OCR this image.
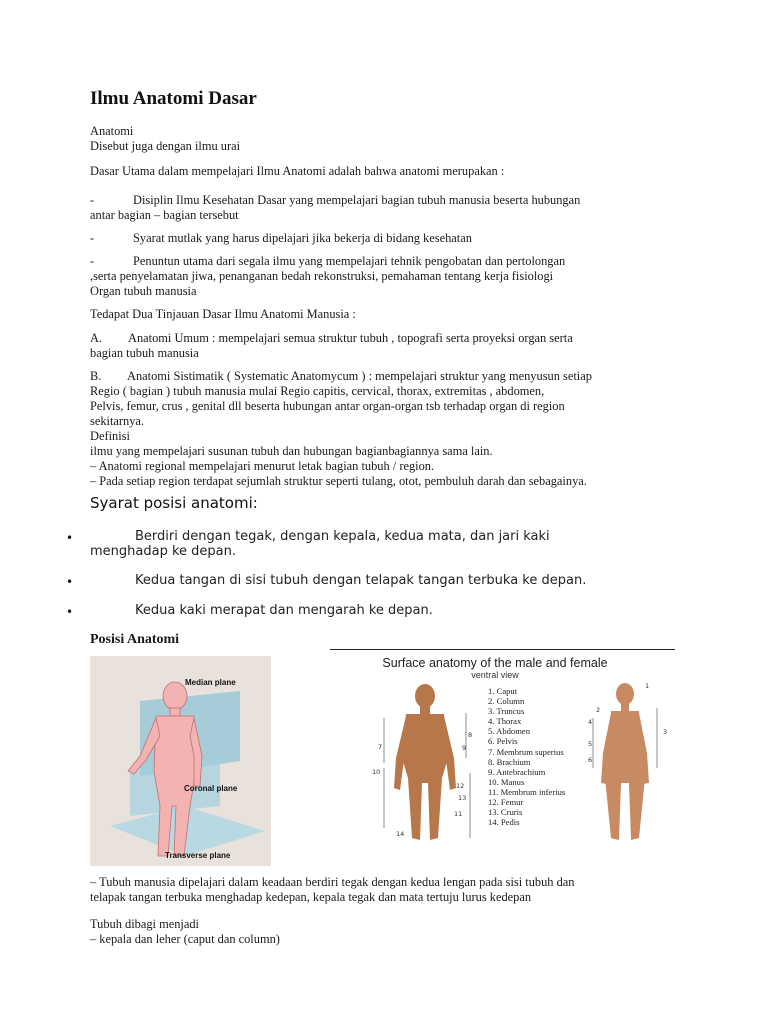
Ilmu Anatomi Dasar
Anatomi
Disebut juga dengan ilmu urai
Dasar Utama dalam mempelajari Ilmu Anatomi adalah bahwa anatomi merupakan :
-	Disiplin Ilmu Kesehatan Dasar yang mempelajari bagian tubuh manusia beserta hubungan
antar bagian – bagian tersebut
-	Syarat mutlak yang harus dipelajari jika bekerja di bidang kesehatan
-	Penuntun utama dari segala ilmu yang mempelajari tehnik pengobatan dan pertolongan
,serta penyelamatan jiwa, penanganan bedah rekonstruksi, pemahaman tentang kerja fisiologi
Organ tubuh manusia
Tedapat Dua Tinjauan Dasar Ilmu Anatomi Manusia :
A. Anatomi Umum : mempelajari semua struktur tubuh , topografi serta proyeksi organ serta
bagian tubuh manusia
B. Anatomi Sistimatik ( Systematic Anatomycum ) : mempelajari struktur yang menyusun setiap
Regio ( bagian ) tubuh manusia mulai Regio capitis, cervical, thorax, extremitas , abdomen,
Pelvis, femur, crus , genital dll beserta hubungan antar organ-organ tsb terhadap organ di region
sekitarnya.
Definisi
ilmu yang mempelajari susunan tubuh dan hubungan bagianbagiannya sama lain.
– Anatomi regional mempelajari menurut letak bagian tubuh / region.
– Pada setiap region terdapat sejumlah struktur seperti tulang, otot, pembuluh darah dan sebagainya.
Syarat posisi anatomi:
•	Berdiri dengan tegak, dengan kepala, kedua mata, dan jari kaki
menghadap ke depan.
•	Kedua tangan di sisi tubuh dengan telapak tangan terbuka ke depan.
•	Kedua kaki merapat dan mengarah ke depan.
Posisi Anatomi
Median plane
Coronal plane
Transverse plane
Surface anatomy of the male and female
ventral view
7
8
9
10
11
12
13
14
1. Caput
2. Column
3. Truncus
4. Thorax
5. Abdomen
6. Pelvis
7. Membrum superius
8. Brachium
9. Antebrachium
10. Manus
11. Membrum inferius
12. Femur
13. Cruris
14. Pedis
1
2
3
4
5
6
– Tubuh manusia dipelajari dalam keadaan berdiri tegak dengan kedua lengan pada sisi tubuh dan
telapak tangan terbuka menghadap kedepan, kepala tegak dan mata tertuju lurus kedepan
Tubuh dibagi menjadi
– kepala dan leher (caput dan column)
